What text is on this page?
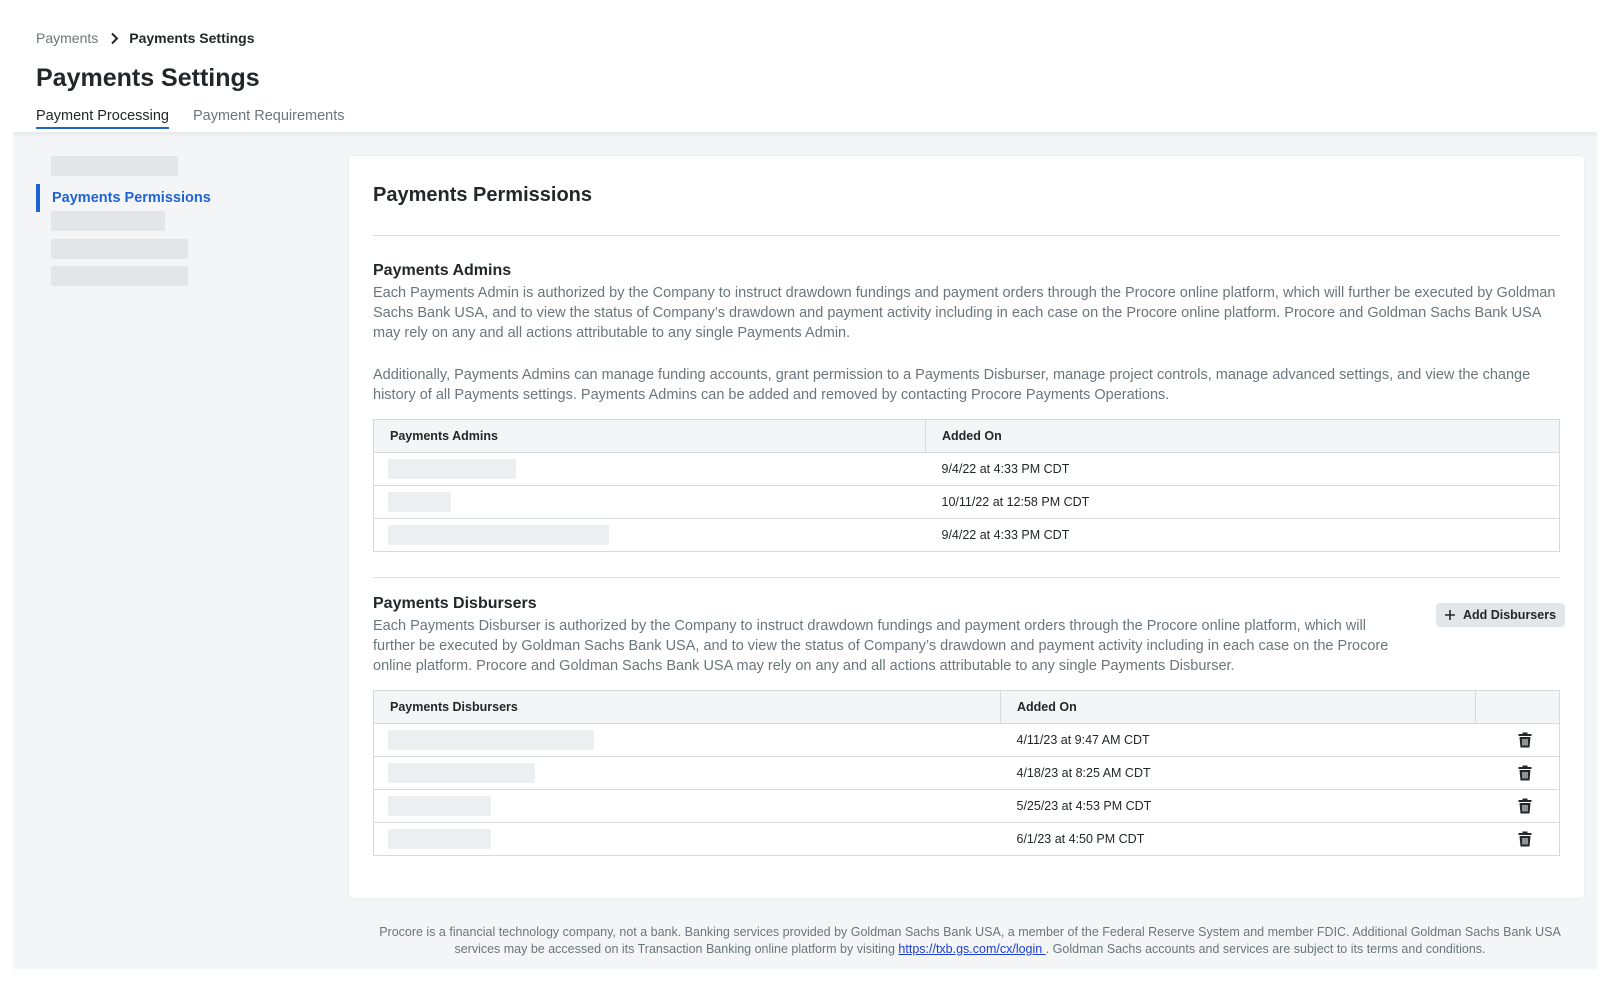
Payments Payments Settings
Payments Settings
Payment Processing Payment Requirements
Payments Permissions	Payments Permissions
Payments Admins

Each Payments Admin is authorized by the Company to instruct drawdown fundings and payment orders through the Procore online platform, which will further be executed by Goldman Sachs Bank USA, and to view the status of Company’s drawdown and payment activity including in each case on the Procore online platform. Procore and Goldman Sachs Bank USA may rely on any and all actions attributable to any single Payments Admin.

Additionally, Payments Admins can manage funding accounts, grant permission to a Payments Disburser, manage project controls, manage advanced settings, and view the change history of all Payments settings. Payments Admins can be added and removed by contacting Procore Payments Operations.

Payments Admins	Added On

	9/4/22 at 4:33 PM CDT

	10/11/22 at 12:58 PM CDT

	9/4/22 at 4:33 PM CDT
Payments Disbursers
Add Disbursers

Each Payments Disburser is authorized by the Company to instruct drawdown fundings and payment orders through the Procore online platform, which will further be executed by Goldman Sachs Bank USA, and to view the status of Company’s drawdown and payment activity including in each case on the Procore online platform. Procore and Goldman Sachs Bank USA may rely on any and all actions attributable to any single Payments Disburser.

Payments Disbursers	Added On	

	4/11/23 at 9:47 AM CDT	

	4/18/23 at 8:25 AM CDT	

	5/25/23 at 4:53 PM CDT	

	6/1/23 at 4:50 PM CDT	

Procore is a financial technology company, not a bank. Banking services provided by Goldman Sachs Bank USA, a member of the Federal Reserve System and member FDIC. Additional Goldman Sachs Bank USA services may be accessed on its Transaction Banking online platform by visiting https://txb.gs.com/cx/login . Goldman Sachs accounts and services are subject to its terms and conditions.
